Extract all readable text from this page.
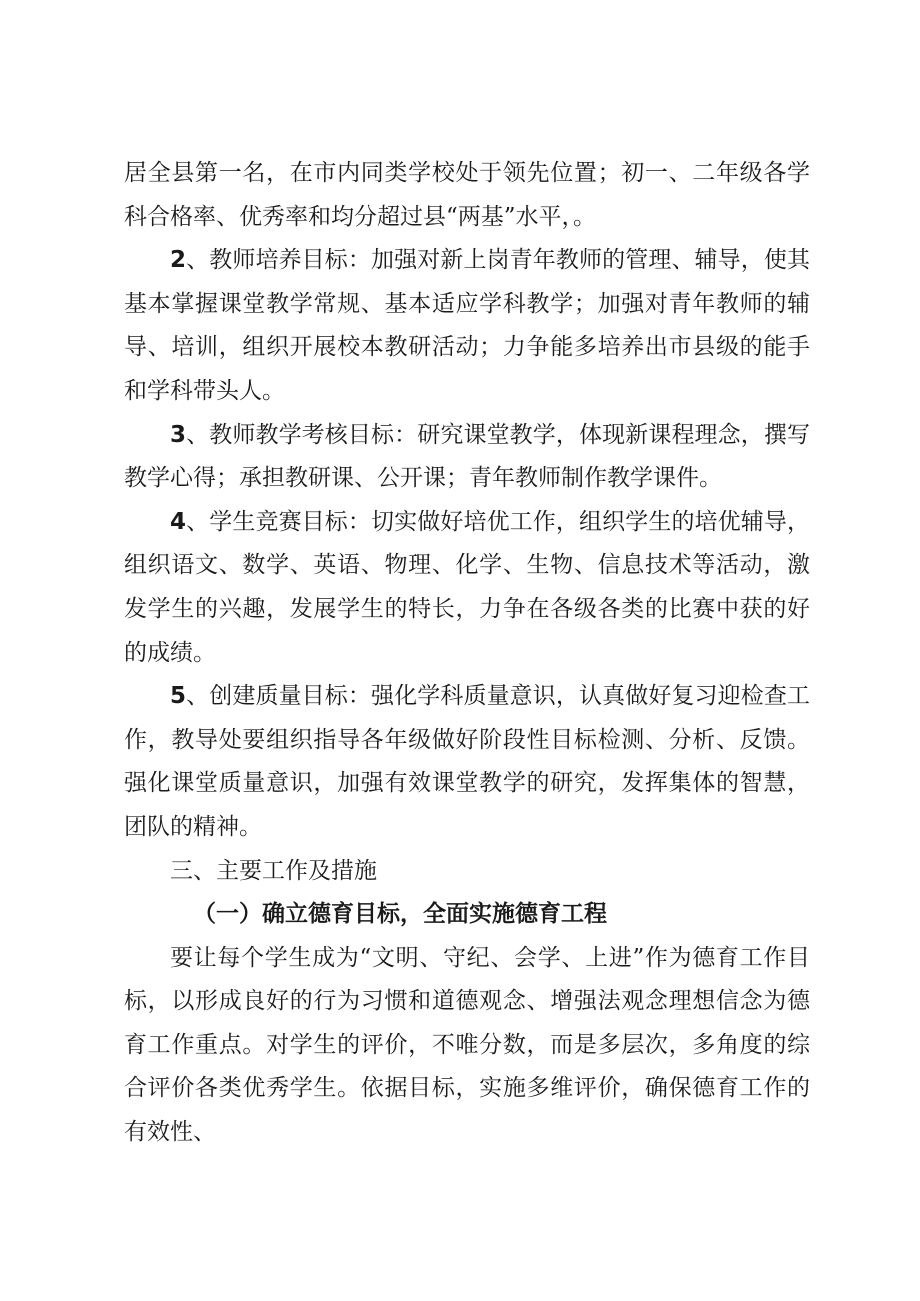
居全县第一名，在市内同类学校处于领先位置；初一、二年级各学科合格率、优秀率和均分超过县“两基”水平，。

2、教师培养目标：加强对新上岗青年教师的管理、辅导，使其基本掌握课堂教学常规、基本适应学科教学；加强对青年教师的辅导、培训，组织开展校本教研活动；力争能多培养出市县级的能手和学科带头人。

3、教师教学考核目标：研究课堂教学，体现新课程理念，撰写教学心得；承担教研课、公开课；青年教师制作教学课件。

4、学生竞赛目标：切实做好培优工作，组织学生的培优辅导，组织语文、数学、英语、物理、化学、生物、信息技术等活动，激发学生的兴趣，发展学生的特长，力争在各级各类的比赛中获的好的成绩。

5、创建质量目标：强化学科质量意识，认真做好复习迎检查工作，教导处要组织指导各年级做好阶段性目标检测、分析、反馈。强化课堂质量意识，加强有效课堂教学的研究，发挥集体的智慧，团队的精神。

三、主要工作及措施

（一）确立德育目标，全面实施德育工程

要让每个学生成为“文明、守纪、会学、上进”作为德育工作目标，以形成良好的行为习惯和道德观念、增强法观念理想信念为德育工作重点。对学生的评价，不唯分数，而是多层次，多角度的综合评价各类优秀学生。依据目标，实施多维评价，确保德育工作的有效性、
